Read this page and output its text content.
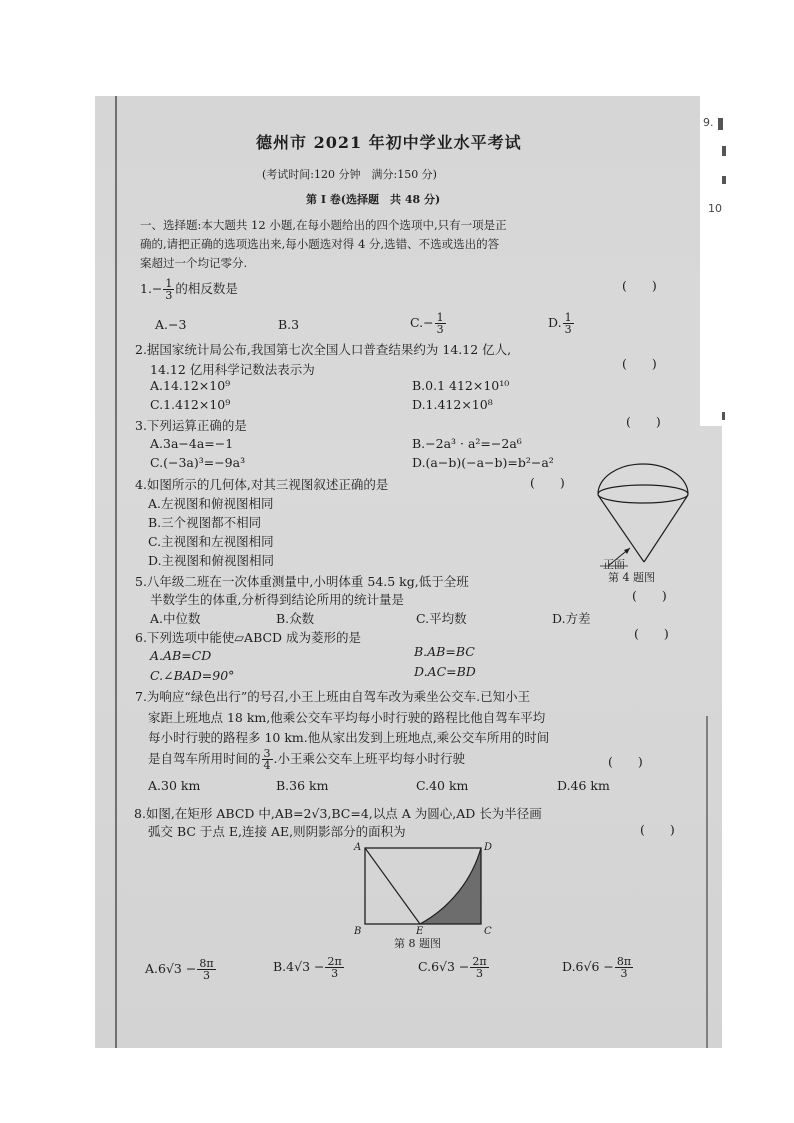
9.
10
德州市 2021 年初中学业水平考试
(考试时间:120 分钟　满分:150 分)
第 Ⅰ 卷(选择题　共 48 分)
一、选择题:本大题共 12 小题,在每小题给出的四个选项中,只有一项是正
确的,请把正确的选项选出来,每小题选对得 4 分,选错、不选或选出的答
案超过一个均记零分.
$1.- \frac{1}{3}$ 的相反数是	(　　)
A.−3	B.3	$C.- \frac{1}{3}$	D. $\frac{1}{3}$
2.据国家统计局公布,我国第七次全国人口普查结果约为 14.12 亿人,
14.12 亿用科学记数法表示为	(　　)
A.14.12×10⁹	B.0.1 412×10¹⁰
C.1.412×10⁹	D.1.412×10⁸
3.下列运算正确的是	(　　)
A.3a−4a=−1	B.−2a³ · a²=−2a⁶
C.(−3a)³=−9a³	D.(a−b)(−a−b)=b²−a²
4.如图所示的几何体,对其三视图叙述正确的是	(　　)
A.左视图和俯视图相同
B.三个视图都不相同
C.主视图和左视图相同
D.主视图和俯视图相同	正面
第 4 题图
5.八年级二班在一次体重测量中,小明体重 54.5 kg,低于全班
半数学生的体重,分析得到结论所用的统计量是	(　　)
A.中位数	B.众数	C.平均数	D.方差
6.下列选项中能使▱ABCD 成为菱形的是	(　　)
A.AB=CD	B.AB=BC
C.∠BAD=90°	D.AC=BD
7.为响应“绿色出行”的号召,小王上班由自驾车改为乘坐公交车.已知小王
家距上班地点 18 km,他乘公交车平均每小时行驶的路程比他自驾车平均
每小时行驶的路程多 10 km.他从家出发到上班地点,乘公交车所用的时间
是自驾车所用时间的 $\frac{3}{4}$ .小王乘公交车上班平均每小时行驶	(　　)
A.30 km	B.36 km	C.40 km	D.46 km
8.如图,在矩形 ABCD 中,AB=2√3,BC=4,以点 A 为圆心,AD 长为半径画
弧交 BC 于点 E,连接 AE,则阴影部分的面积为	(　　)
A	D
B	E	C
第 8 题图
$A.6√3 - \frac{8\pi}{3}$	$B.4√3 - \frac{2\pi}{3}$	$C.6√3 - \frac{2\pi}{3}$	$D.6√6 - \frac{8\pi}{3}$
